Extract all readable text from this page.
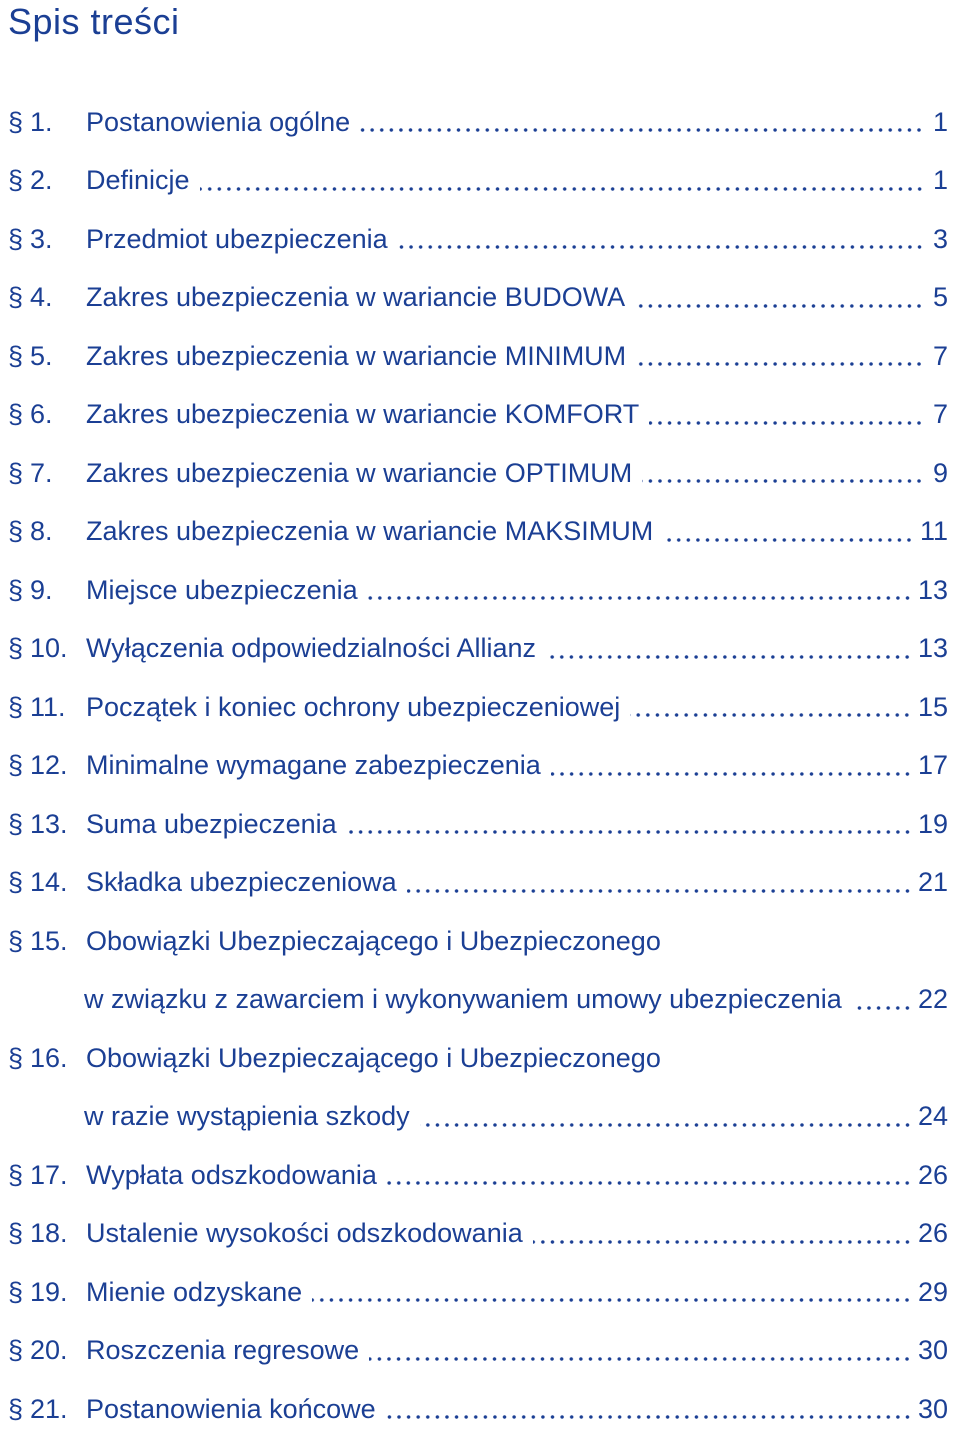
Spis treści
§ 1.	Postanowienia ogólne	1
§ 2.	Definicje	1
§ 3.	Przedmiot ubezpieczenia	3
§ 4.	Zakres ubezpieczenia w wariancie BUDOWA	5
§ 5.	Zakres ubezpieczenia w wariancie MINIMUM	7
§ 6.	Zakres ubezpieczenia w wariancie KOMFORT	7
§ 7.	Zakres ubezpieczenia w wariancie OPTIMUM	9
§ 8.	Zakres ubezpieczenia w wariancie MAKSIMUM	11
§ 9.	Miejsce ubezpieczenia	13
§ 10. Wyłączenia odpowiedzialności Allianz	13
§ 11. Początek i koniec ochrony ubezpieczeniowej	15
§ 12. Minimalne wymagane zabezpieczenia	17
§ 13. Suma ubezpieczenia	19
§ 14. Składka ubezpieczeniowa	21
§ 15. Obowiązki Ubezpieczającego i Ubezpieczonego
w związku z zawarciem i wykonywaniem umowy ubezpieczenia	22
§ 16. Obowiązki Ubezpieczającego i Ubezpieczonego
w razie wystąpienia szkody	24
§ 17. Wypłata odszkodowania	26
§ 18. Ustalenie wysokości odszkodowania	26
§ 19. Mienie odzyskane	29
§ 20. Roszczenia regresowe	30
§ 21. Postanowienia końcowe	30
